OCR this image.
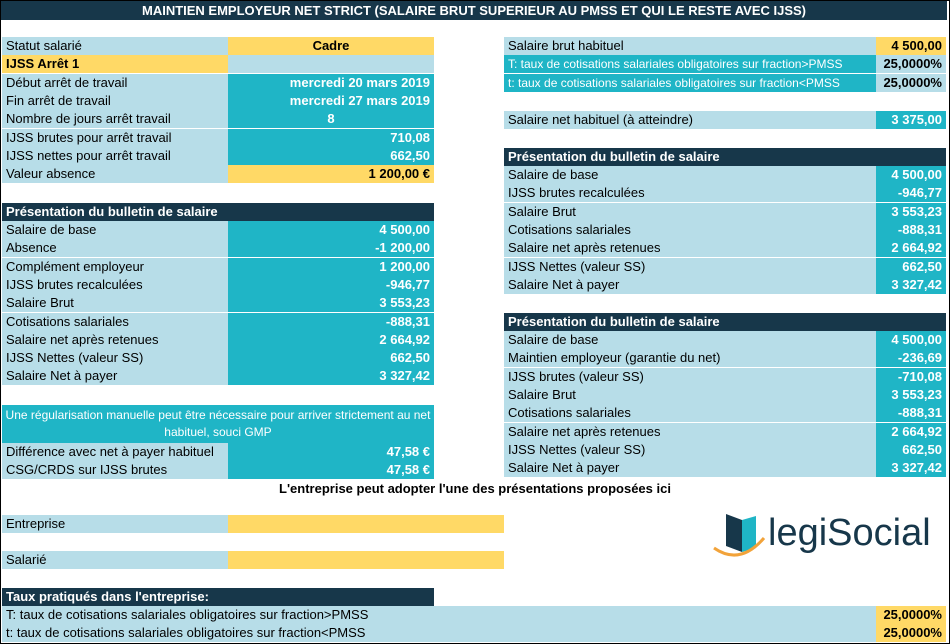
MAINTIEN EMPLOYEUR NET STRICT (SALAIRE BRUT SUPERIEUR AU PMSS ET QUI LE RESTE AVEC IJSS)
Statut salarié	Cadre
IJSS Arrêt 1
Début arrêt de travail	mercredi 20 mars 2019
Fin arrêt de travail	mercredi 27 mars 2019
Nombre de jours arrêt travail	8
IJSS brutes pour arrêt travail	710,08
IJSS nettes pour arrêt travail	662,50
Valeur absence	1 200,00 €
Présentation du bulletin de salaire
Salaire de base	4 500,00
Absence	-1 200,00
Complément employeur	1 200,00
IJSS brutes recalculées	-946,77
Salaire Brut	3 553,23
Cotisations salariales	-888,31
Salaire net après retenues	2 664,92
IJSS Nettes (valeur SS)	662,50
Salaire Net à payer	3 327,42
Une régularisation manuelle peut être nécessaire pour arriver strictement au net habituel, souci GMP
Différence avec net à payer habituel	47,58 €
CSG/CRDS sur IJSS brutes	47,58 €
Salaire brut habituel	4 500,00
T: taux de cotisations salariales obligatoires sur fraction>PMSS	25,0000%
t: taux de cotisations salariales obligatoires sur fraction<PMSS	25,0000%
Salaire net habituel (à atteindre)	3 375,00
Présentation du bulletin de salaire
Salaire de base	4 500,00
IJSS brutes recalculées	-946,77
Salaire Brut	3 553,23
Cotisations salariales	-888,31
Salaire net après retenues	2 664,92
IJSS Nettes (valeur SS)	662,50
Salaire Net à payer	3 327,42
Présentation du bulletin de salaire
Salaire de base	4 500,00
Maintien employeur (garantie du net)	-236,69
IJSS brutes (valeur SS)	-710,08
Salaire Brut	3 553,23
Cotisations salariales	-888,31
Salaire net après retenues	2 664,92
IJSS Nettes (valeur SS)	662,50
Salaire Net à payer	3 327,42
L'entreprise peut adopter l'une des présentations proposées ici
Entreprise
Salarié
Taux pratiqués dans l'entreprise:
T: taux de cotisations salariales obligatoires sur fraction>PMSS	25,0000%
t: taux de cotisations salariales obligatoires sur fraction<PMSS	25,0000%
legiSocial
